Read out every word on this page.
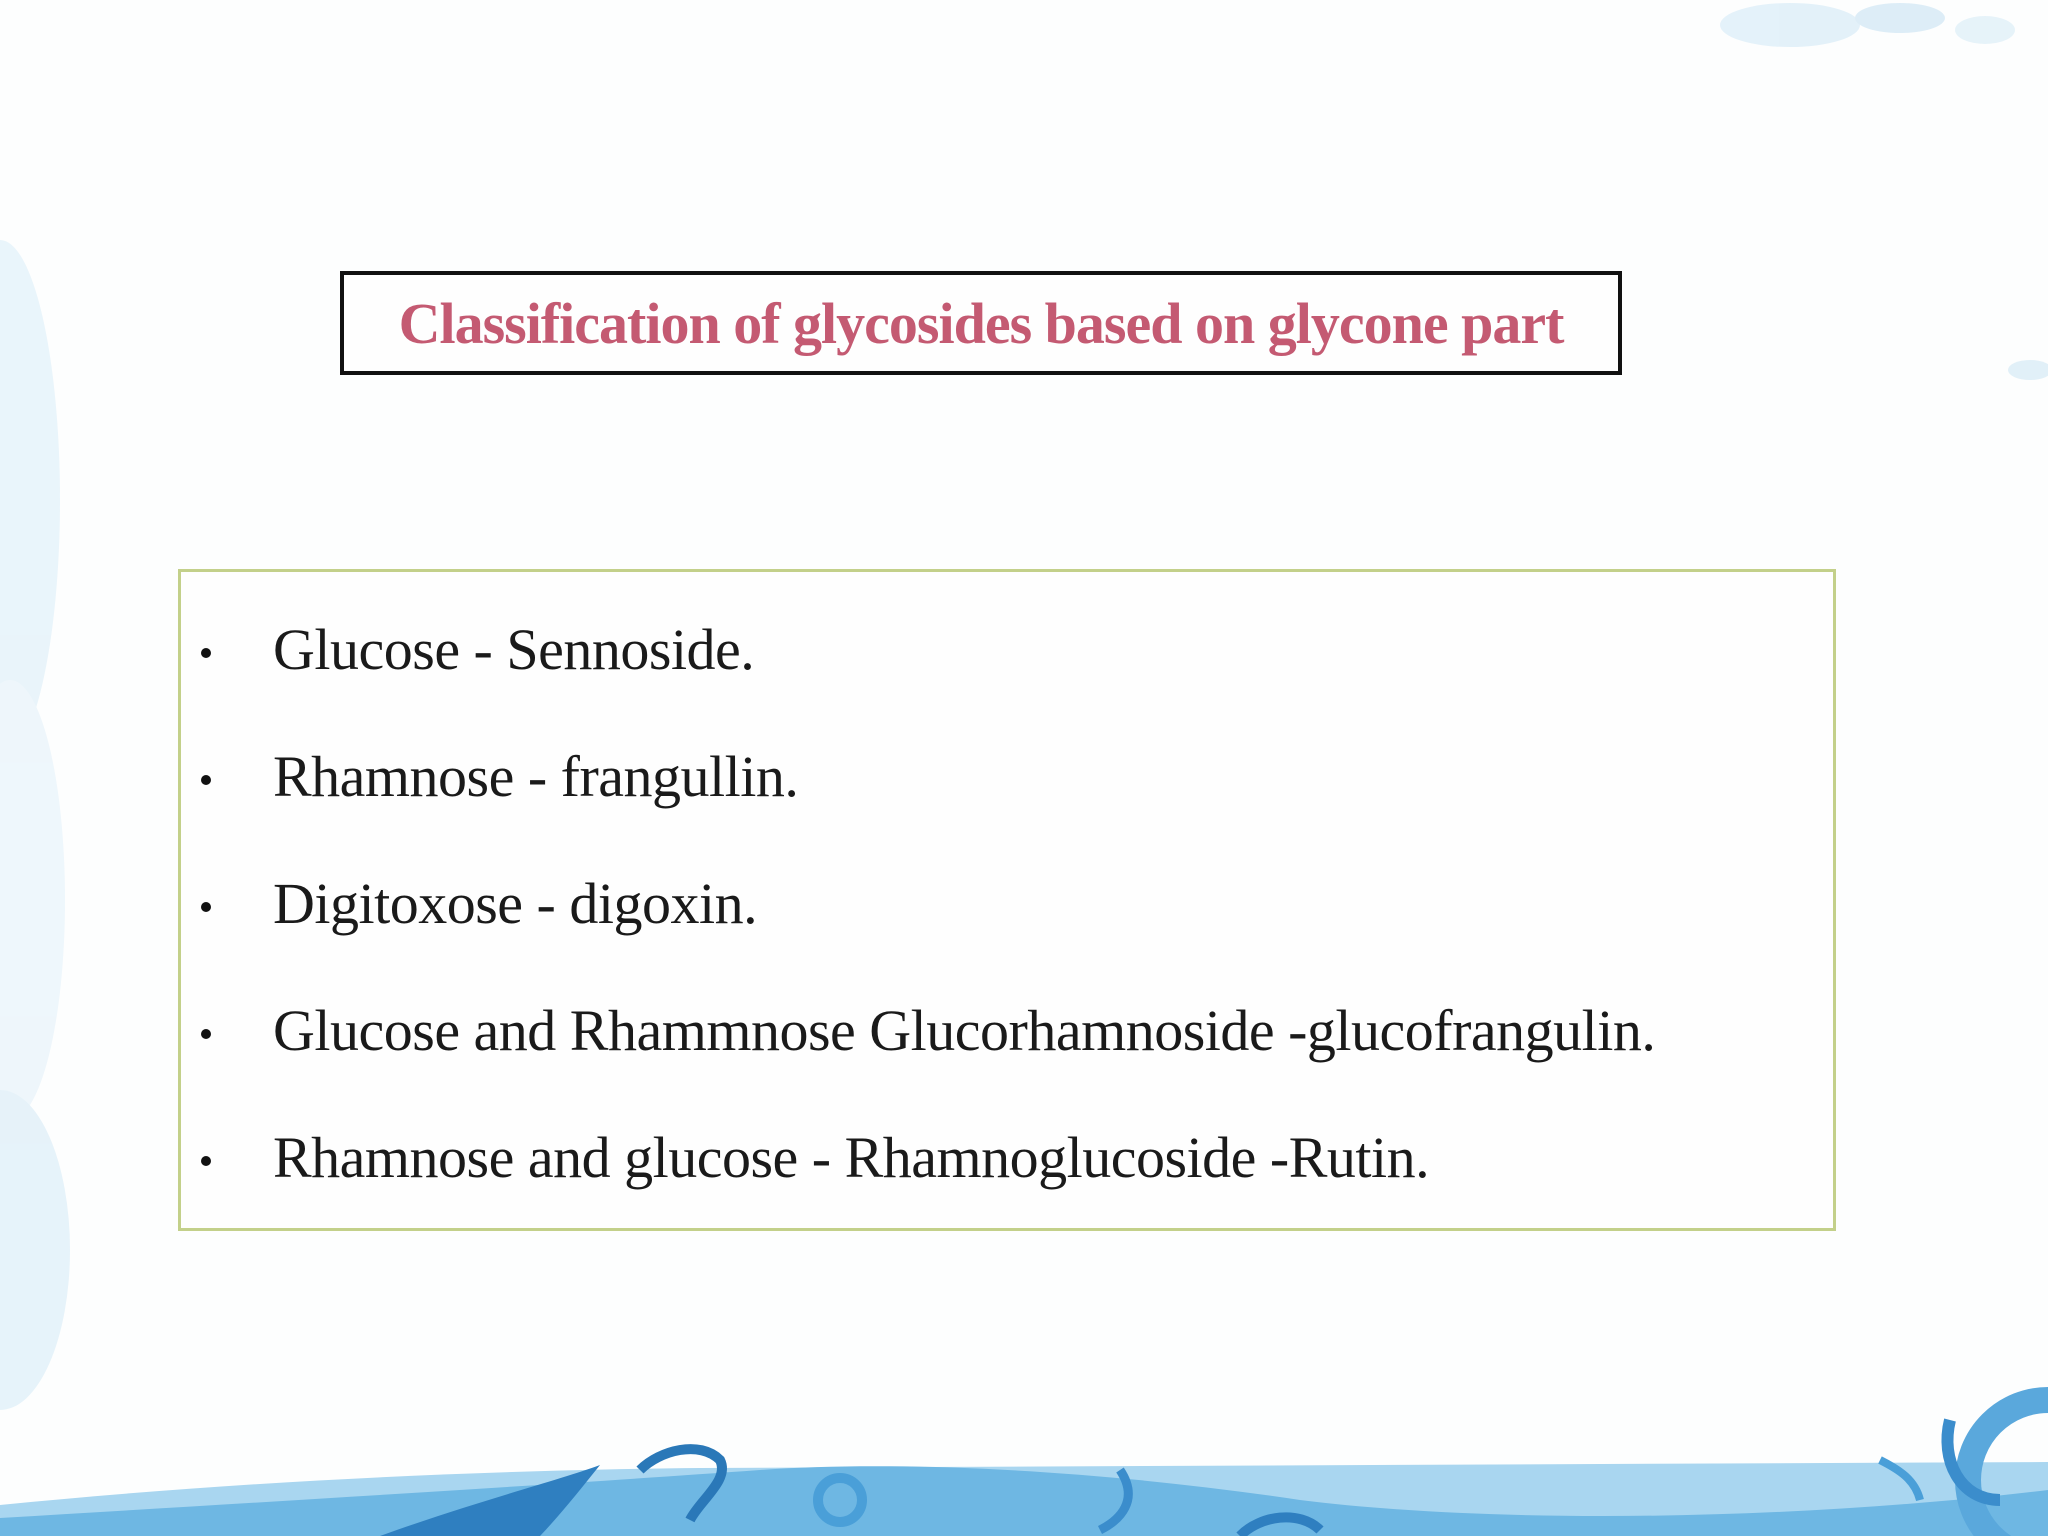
Classification of glycosides based on glycone part
Glucose - Sennoside.
Rhamnose - frangullin.
Digitoxose - digoxin.
Glucose and Rhammnose Glucorhamnoside -glucofrangulin.
Rhamnose and glucose - Rhamnoglucoside -Rutin.
